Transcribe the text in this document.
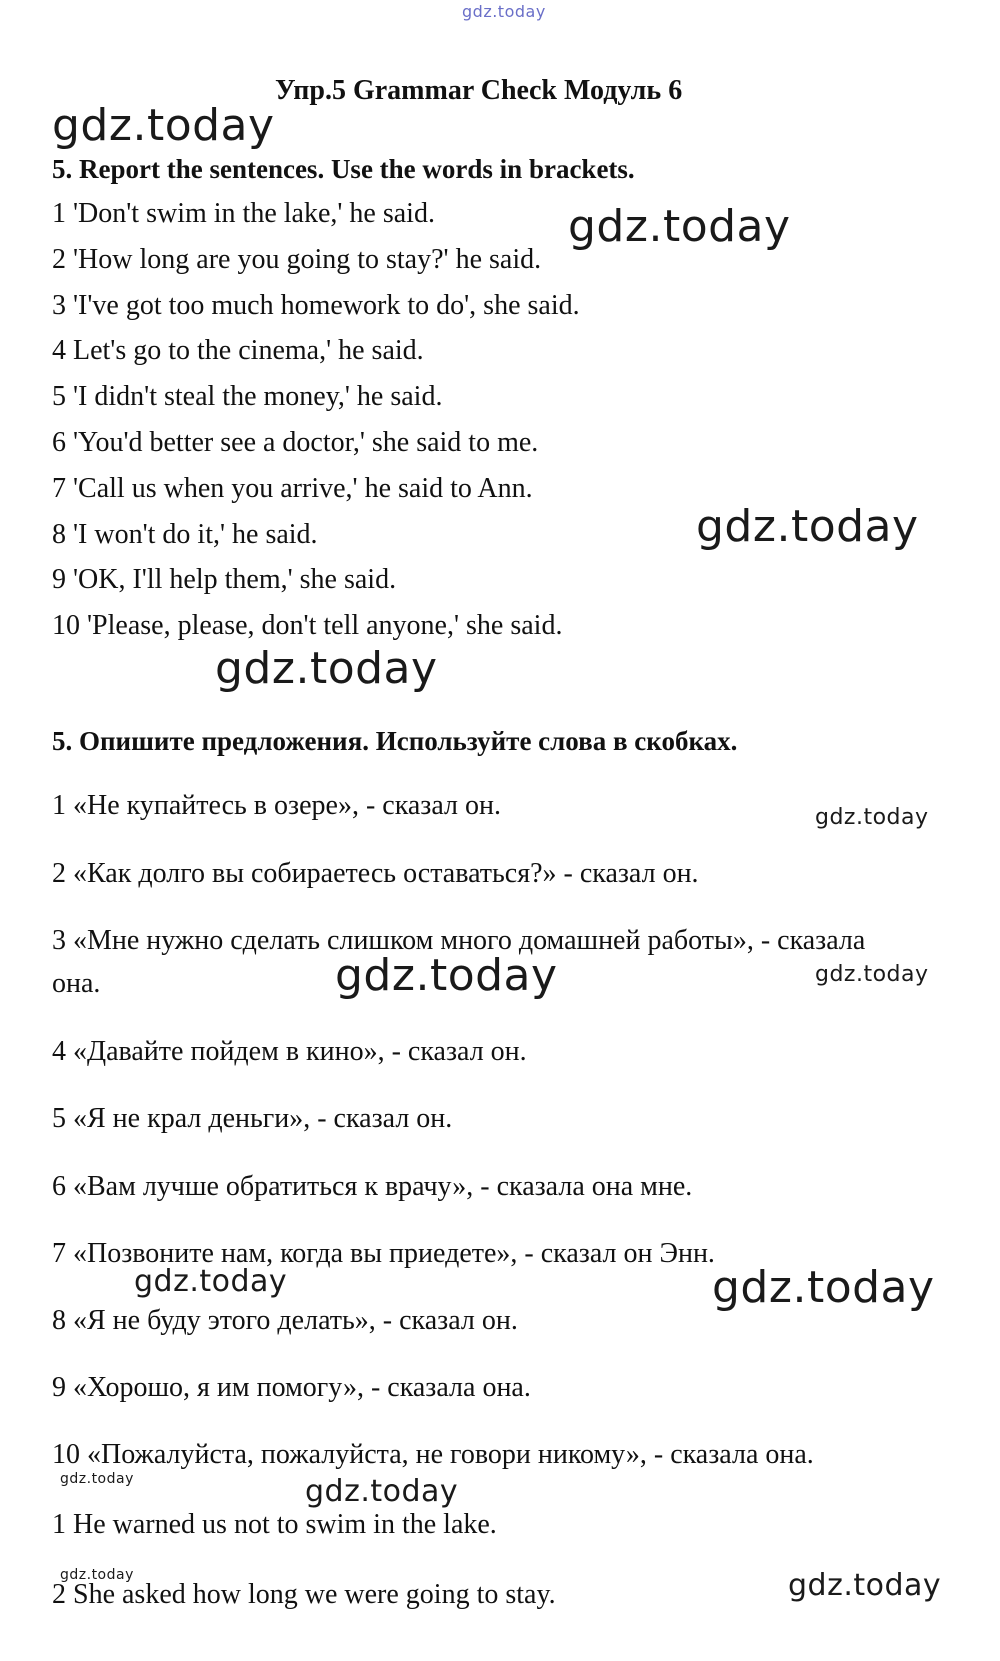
gdz.today
Упр.5 Grammar Check Модуль 6
5. Report the sentences. Use the words in brackets.
1 'Don't swim in the lake,' he said.
2 'How long are you going to stay?' he said.
3 'I've got too much homework to do', she said.
4 Let's go to the cinema,' he said.
5 'I didn't steal the money,' he said.
6 'You'd better see a doctor,' she said to me.
7 'Call us when you arrive,' he said to Ann.
8 'I won't do it,' he said.
9 'OK, I'll help them,' she said.
10 'Please, please, don't tell anyone,' she said.
5. Опишите предложения. Используйте слова в скобках.
1 «Не купайтесь в озере», - сказал он.
2 «Как долго вы собираетесь оставаться?» - сказал он.
3 «Мне нужно сделать слишком много домашней работы», - сказала
она.
4 «Давайте пойдем в кино», - сказал он.
5 «Я не крал деньги», - сказал он.
6 «Вам лучше обратиться к врачу», - сказала она мне.
7 «Позвоните нам, когда вы приедете», - сказал он Энн.
8 «Я не буду этого делать», - сказал он.
9 «Хорошо, я им помогу», - сказала она.
10 «Пожалуйста, пожалуйста, не говори никому», - сказала она.
1 He warned us not to swim in the lake.
2 She asked how long we were going to stay.
gdz.today
gdz.today
gdz.today
gdz.today
gdz.today
gdz.today	gdz.today
gdz.today	gdz.today
gdz.today	gdz.today
gdz.today	gdz.today
